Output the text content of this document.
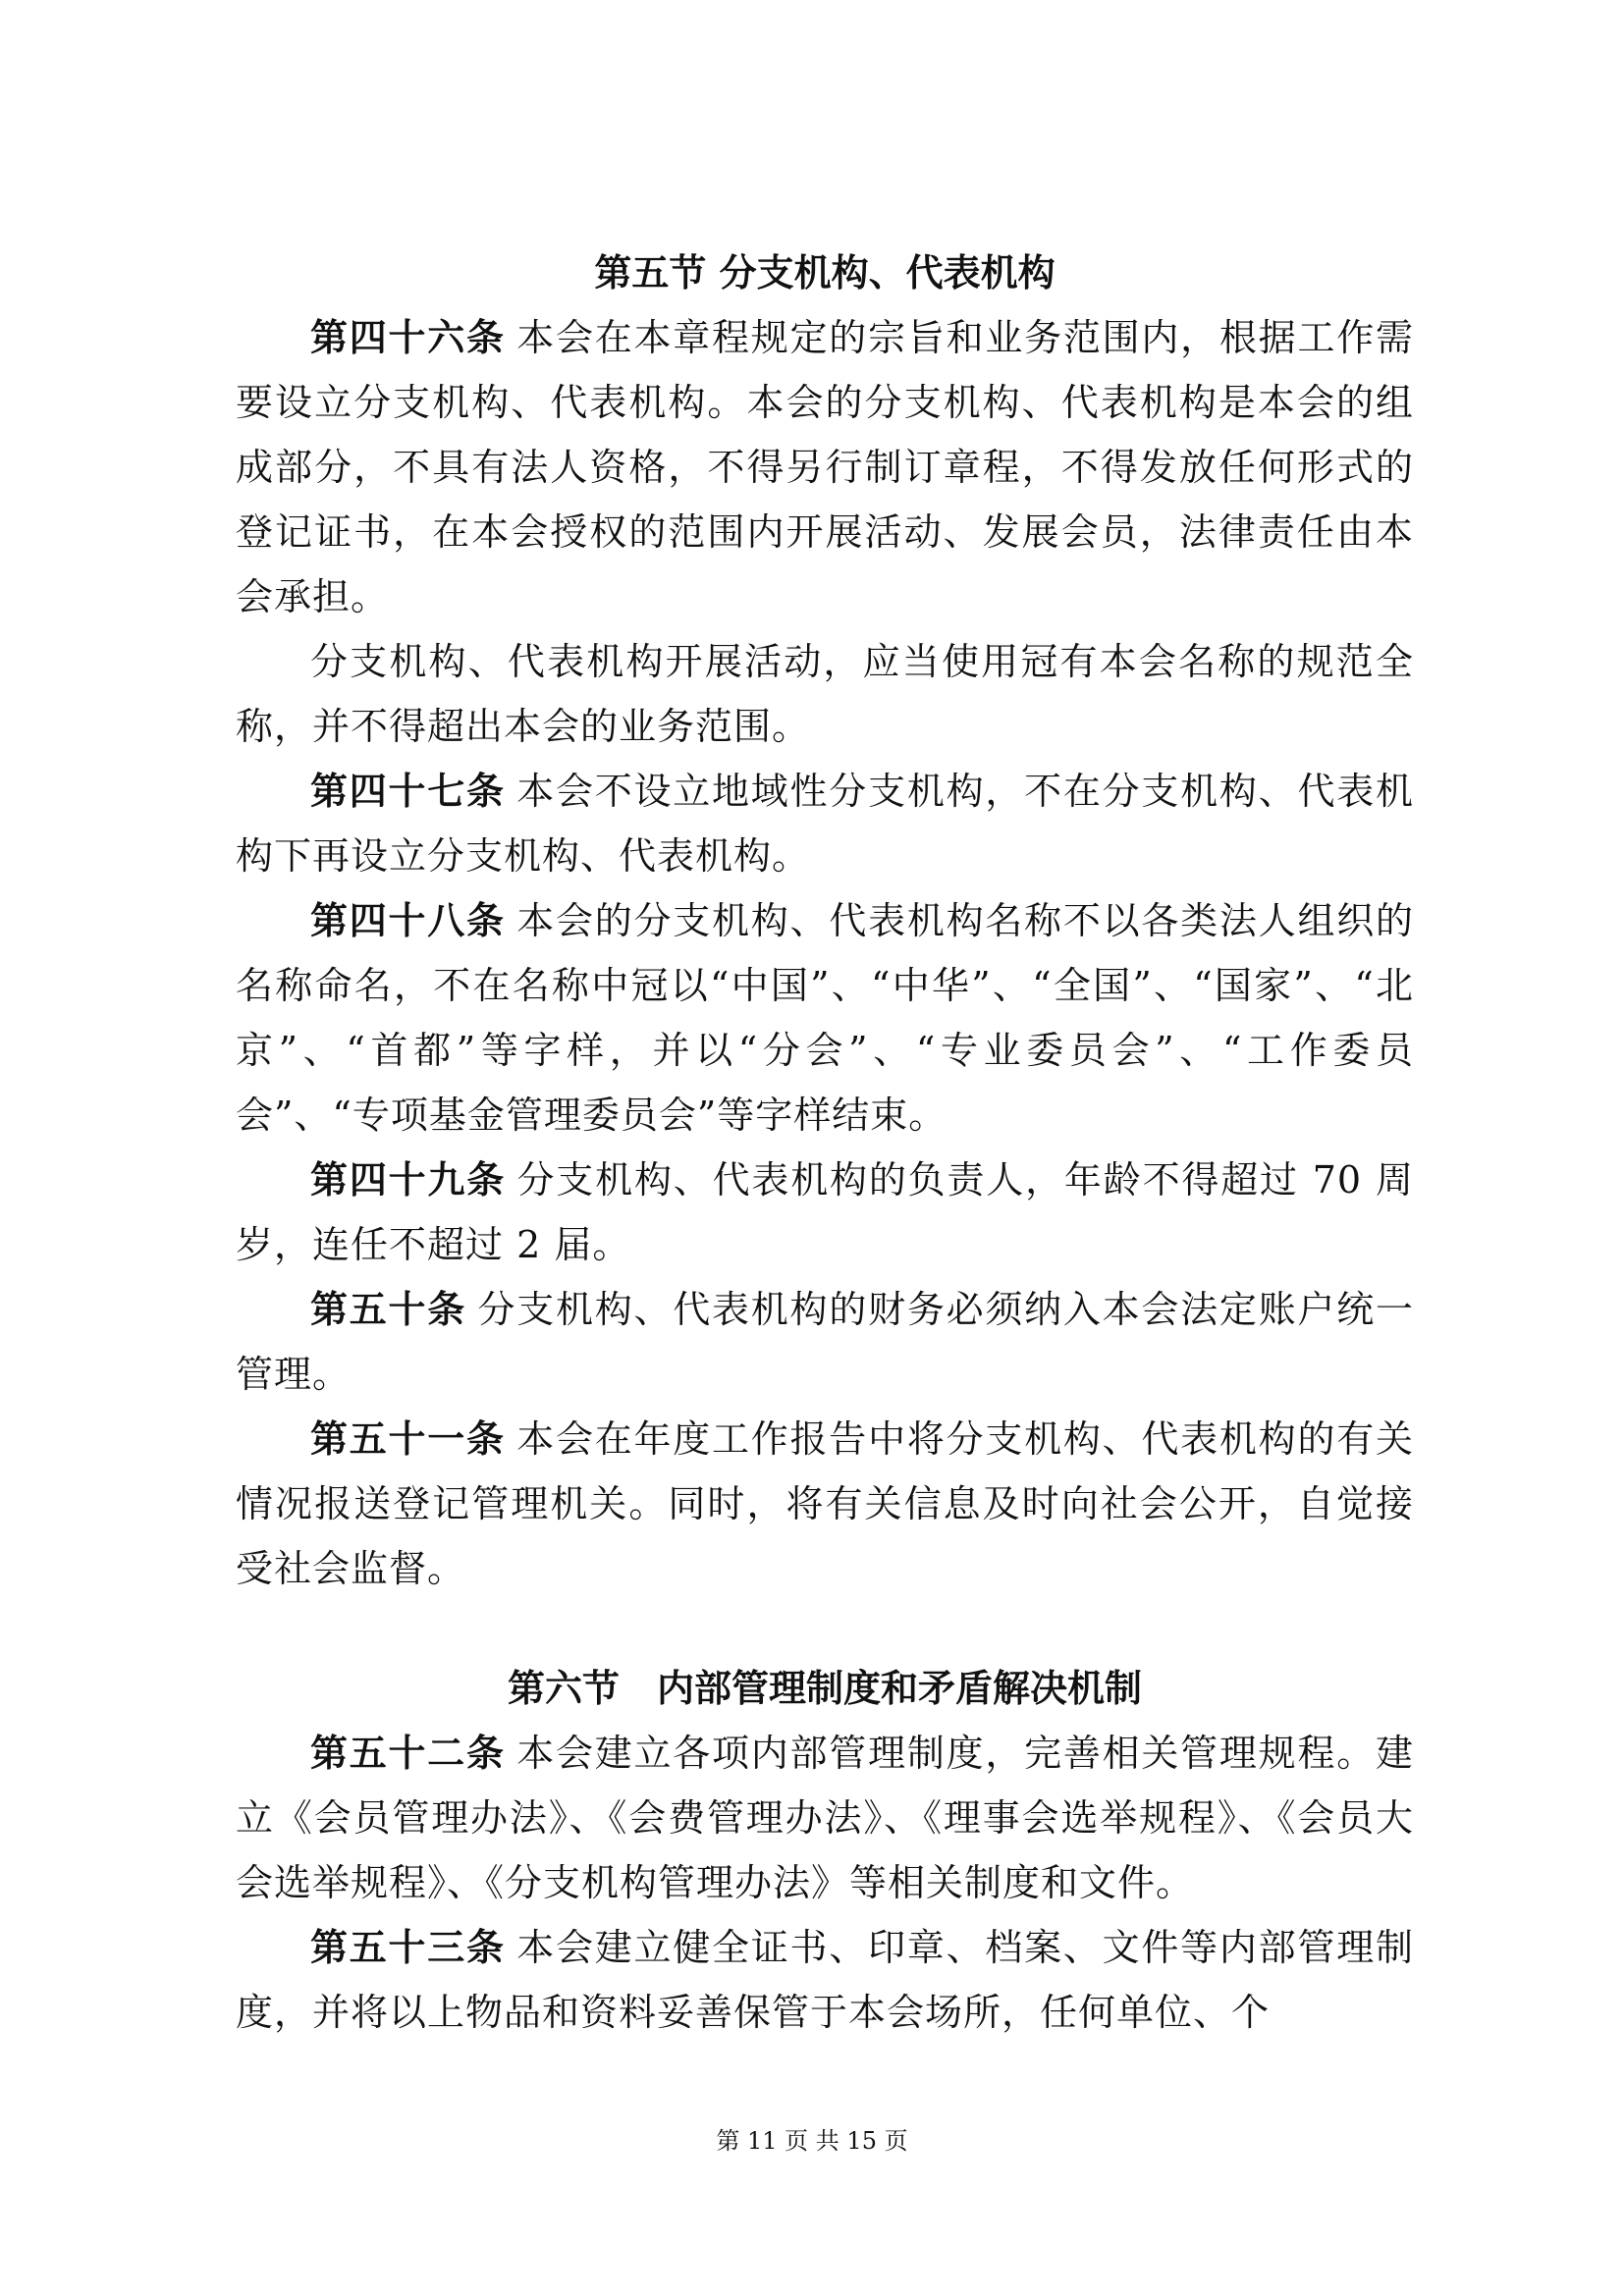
第五节 分支机构、代表机构

第四十六条 本会在本章程规定的宗旨和业务范围内，根据工作需要设立分支机构、代表机构。本会的分支机构、代表机构是本会的组成部分，不具有法人资格，不得另行制订章程，不得发放任何形式的登记证书，在本会授权的范围内开展活动、发展会员，法律责任由本会承担。

分支机构、代表机构开展活动，应当使用冠有本会名称的规范全称，并不得超出本会的业务范围。

第四十七条 本会不设立地域性分支机构，不在分支机构、代表机构下再设立分支机构、代表机构。

第四十八条 本会的分支机构、代表机构名称不以各类法人组织的名称命名，不在名称中冠以“中国”、“中华”、“全国”、“国家”、“北京”、“首都”等字样，并以“分会”、“专业委员会”、“工作委员会”、“专项基金管理委员会”等字样结束。

第四十九条 分支机构、代表机构的负责人，年龄不得超过 70 周岁，连任不超过 2 届。

第五十条 分支机构、代表机构的财务必须纳入本会法定账户统一管理。

第五十一条 本会在年度工作报告中将分支机构、代表机构的有关情况报送登记管理机关。同时，将有关信息及时向社会公开，自觉接受社会监督。

第六节　内部管理制度和矛盾解决机制

第五十二条 本会建立各项内部管理制度，完善相关管理规程。建立《会员管理办法》、《会费管理办法》、《理事会选举规程》、《会员大会选举规程》、《分支机构管理办法》等相关制度和文件。

第五十三条 本会建立健全证书、印章、档案、文件等内部管理制度，并将以上物品和资料妥善保管于本会场所，任何单位、个

第 11 页 共 15 页
